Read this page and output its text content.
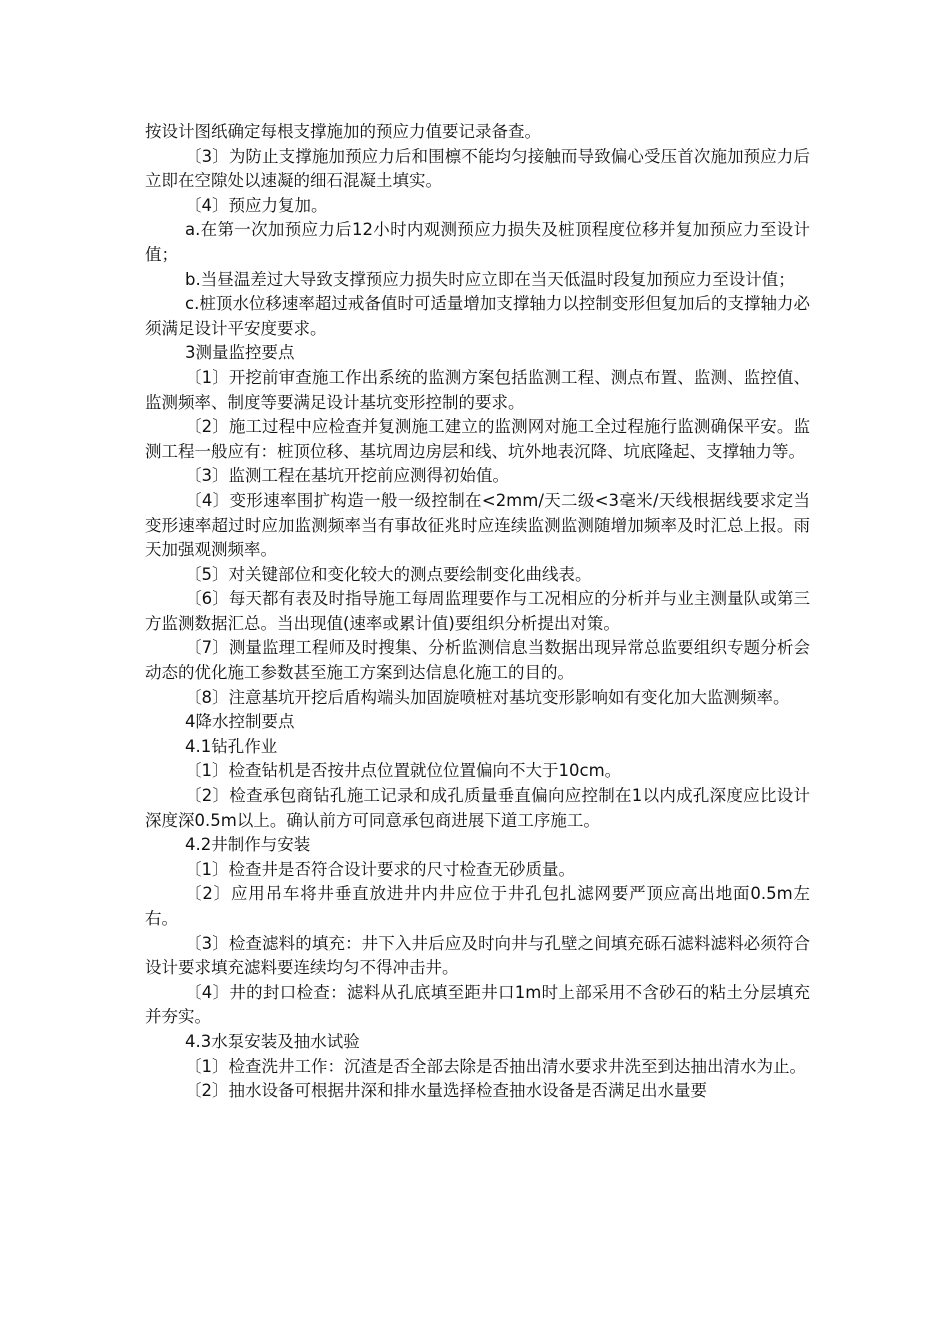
按设计图纸确定每根支撑施加的预应力值要记录备查。

〔3〕为防止支撑施加预应力后和围檩不能均匀接触而导致偏心受压首次施加预应力后立即在空隙处以速凝的细石混凝土填实。

〔4〕预应力复加。

a.在第一次加预应力后12小时内观测预应力损失及桩顶程度位移并复加预应力至设计值；

b.当昼温差过大导致支撑预应力损失时应立即在当天低温时段复加预应力至设计值；

c.桩顶水位移速率超过戒备值时可适量增加支撑轴力以控制变形但复加后的支撑轴力必须满足设计平安度要求。

3测量监控要点

〔1〕开挖前审查施工作出系统的监测方案包括监测工程、测点布置、监测、监控值、监测频率、制度等要满足设计基坑变形控制的要求。

〔2〕施工过程中应检查并复测施工建立的监测网对施工全过程施行监测确保平安。监测工程一般应有：桩顶位移、基坑周边房层和线、坑外地表沉降、坑底隆起、支撑轴力等。

〔3〕监测工程在基坑开挖前应测得初始值。

〔4〕变形速率围扩构造一般一级控制在<2mm/天二级<3毫米/天线根据线要求定当变形速率超过时应加监测频率当有事故征兆时应连续监测监测随增加频率及时汇总上报。雨天加强观测频率。

〔5〕对关键部位和变化较大的测点要绘制变化曲线表。

〔6〕每天都有表及时指导施工每周监理要作与工况相应的分析并与业主测量队或第三方监测数据汇总。当出现值(速率或累计值)要组织分析提出对策。

〔7〕测量监理工程师及时搜集、分析监测信息当数据出现异常总监要组织专题分析会动态的优化施工参数甚至施工方案到达信息化施工的目的。

〔8〕注意基坑开挖后盾构端头加固旋喷桩对基坑变形影响如有变化加大监测频率。

4降水控制要点

4.1钻孔作业

〔1〕检查钻机是否按井点位置就位位置偏向不大于10cm。

〔2〕检查承包商钻孔施工记录和成孔质量垂直偏向应控制在1以内成孔深度应比设计深度深0.5m以上。确认前方可同意承包商进展下道工序施工。

4.2井制作与安装

〔1〕检查井是否符合设计要求的尺寸检查无砂质量。

〔2〕应用吊车将井垂直放进井内井应位于井孔包扎滤网要严顶应高出地面0.5m左右。

〔3〕检查滤料的填充：井下入井后应及时向井与孔壁之间填充砾石滤料滤料必须符合设计要求填充滤料要连续均匀不得冲击井。

〔4〕井的封口检查：滤料从孔底填至距井口1m时上部采用不含砂石的粘土分层填充并夯实。

4.3水泵安装及抽水试验

〔1〕检查洗井工作：沉渣是否全部去除是否抽出清水要求井洗至到达抽出清水为止。

〔2〕抽水设备可根据井深和排水量选择检查抽水设备是否满足出水量要
